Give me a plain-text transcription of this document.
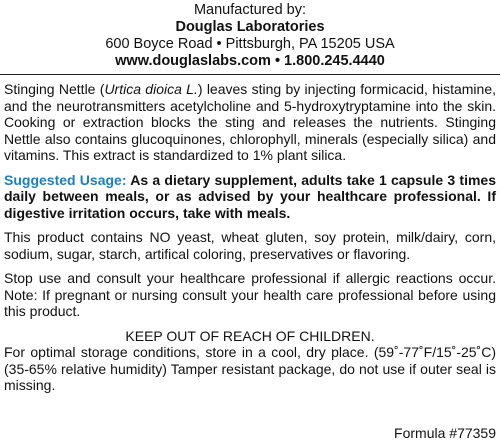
Manufactured by:
Douglas Laboratories
600 Boyce Road • Pittsburgh, PA 15205 USA
www.douglaslabs.com • 1.800.245.4440

Stinging Nettle (Urtica dioica L.) leaves sting by injecting formicacid, histamine, and the neurotransmitters acetylcholine and 5-hydroxytryptamine into the skin. Cooking or extraction blocks the sting and releases the nutrients. Stinging Nettle also contains glucoquinones, chlorophyll, minerals (especially silica) and vitamins. This extract is standardized to 1% plant silica.

Suggested Usage: As a dietary supplement, adults take 1 capsule 3 times daily between meals, or as advised by your healthcare professional. If digestive irritation occurs, take with meals.

This product contains NO yeast, wheat gluten, soy protein, milk/dairy, corn, sodium, sugar, starch, artifical coloring, preservatives or flavoring.

Stop use and consult your healthcare professional if allergic reactions occur. Note: If pregnant or nursing consult your health care professional before using this product.

KEEP OUT OF REACH OF CHILDREN.

For optimal storage conditions, store in a cool, dry place. (59˚-77˚F/15˚-25˚C) (35-65% relative humidity) Tamper resistant package, do not use if outer seal is missing.

Formula #77359
